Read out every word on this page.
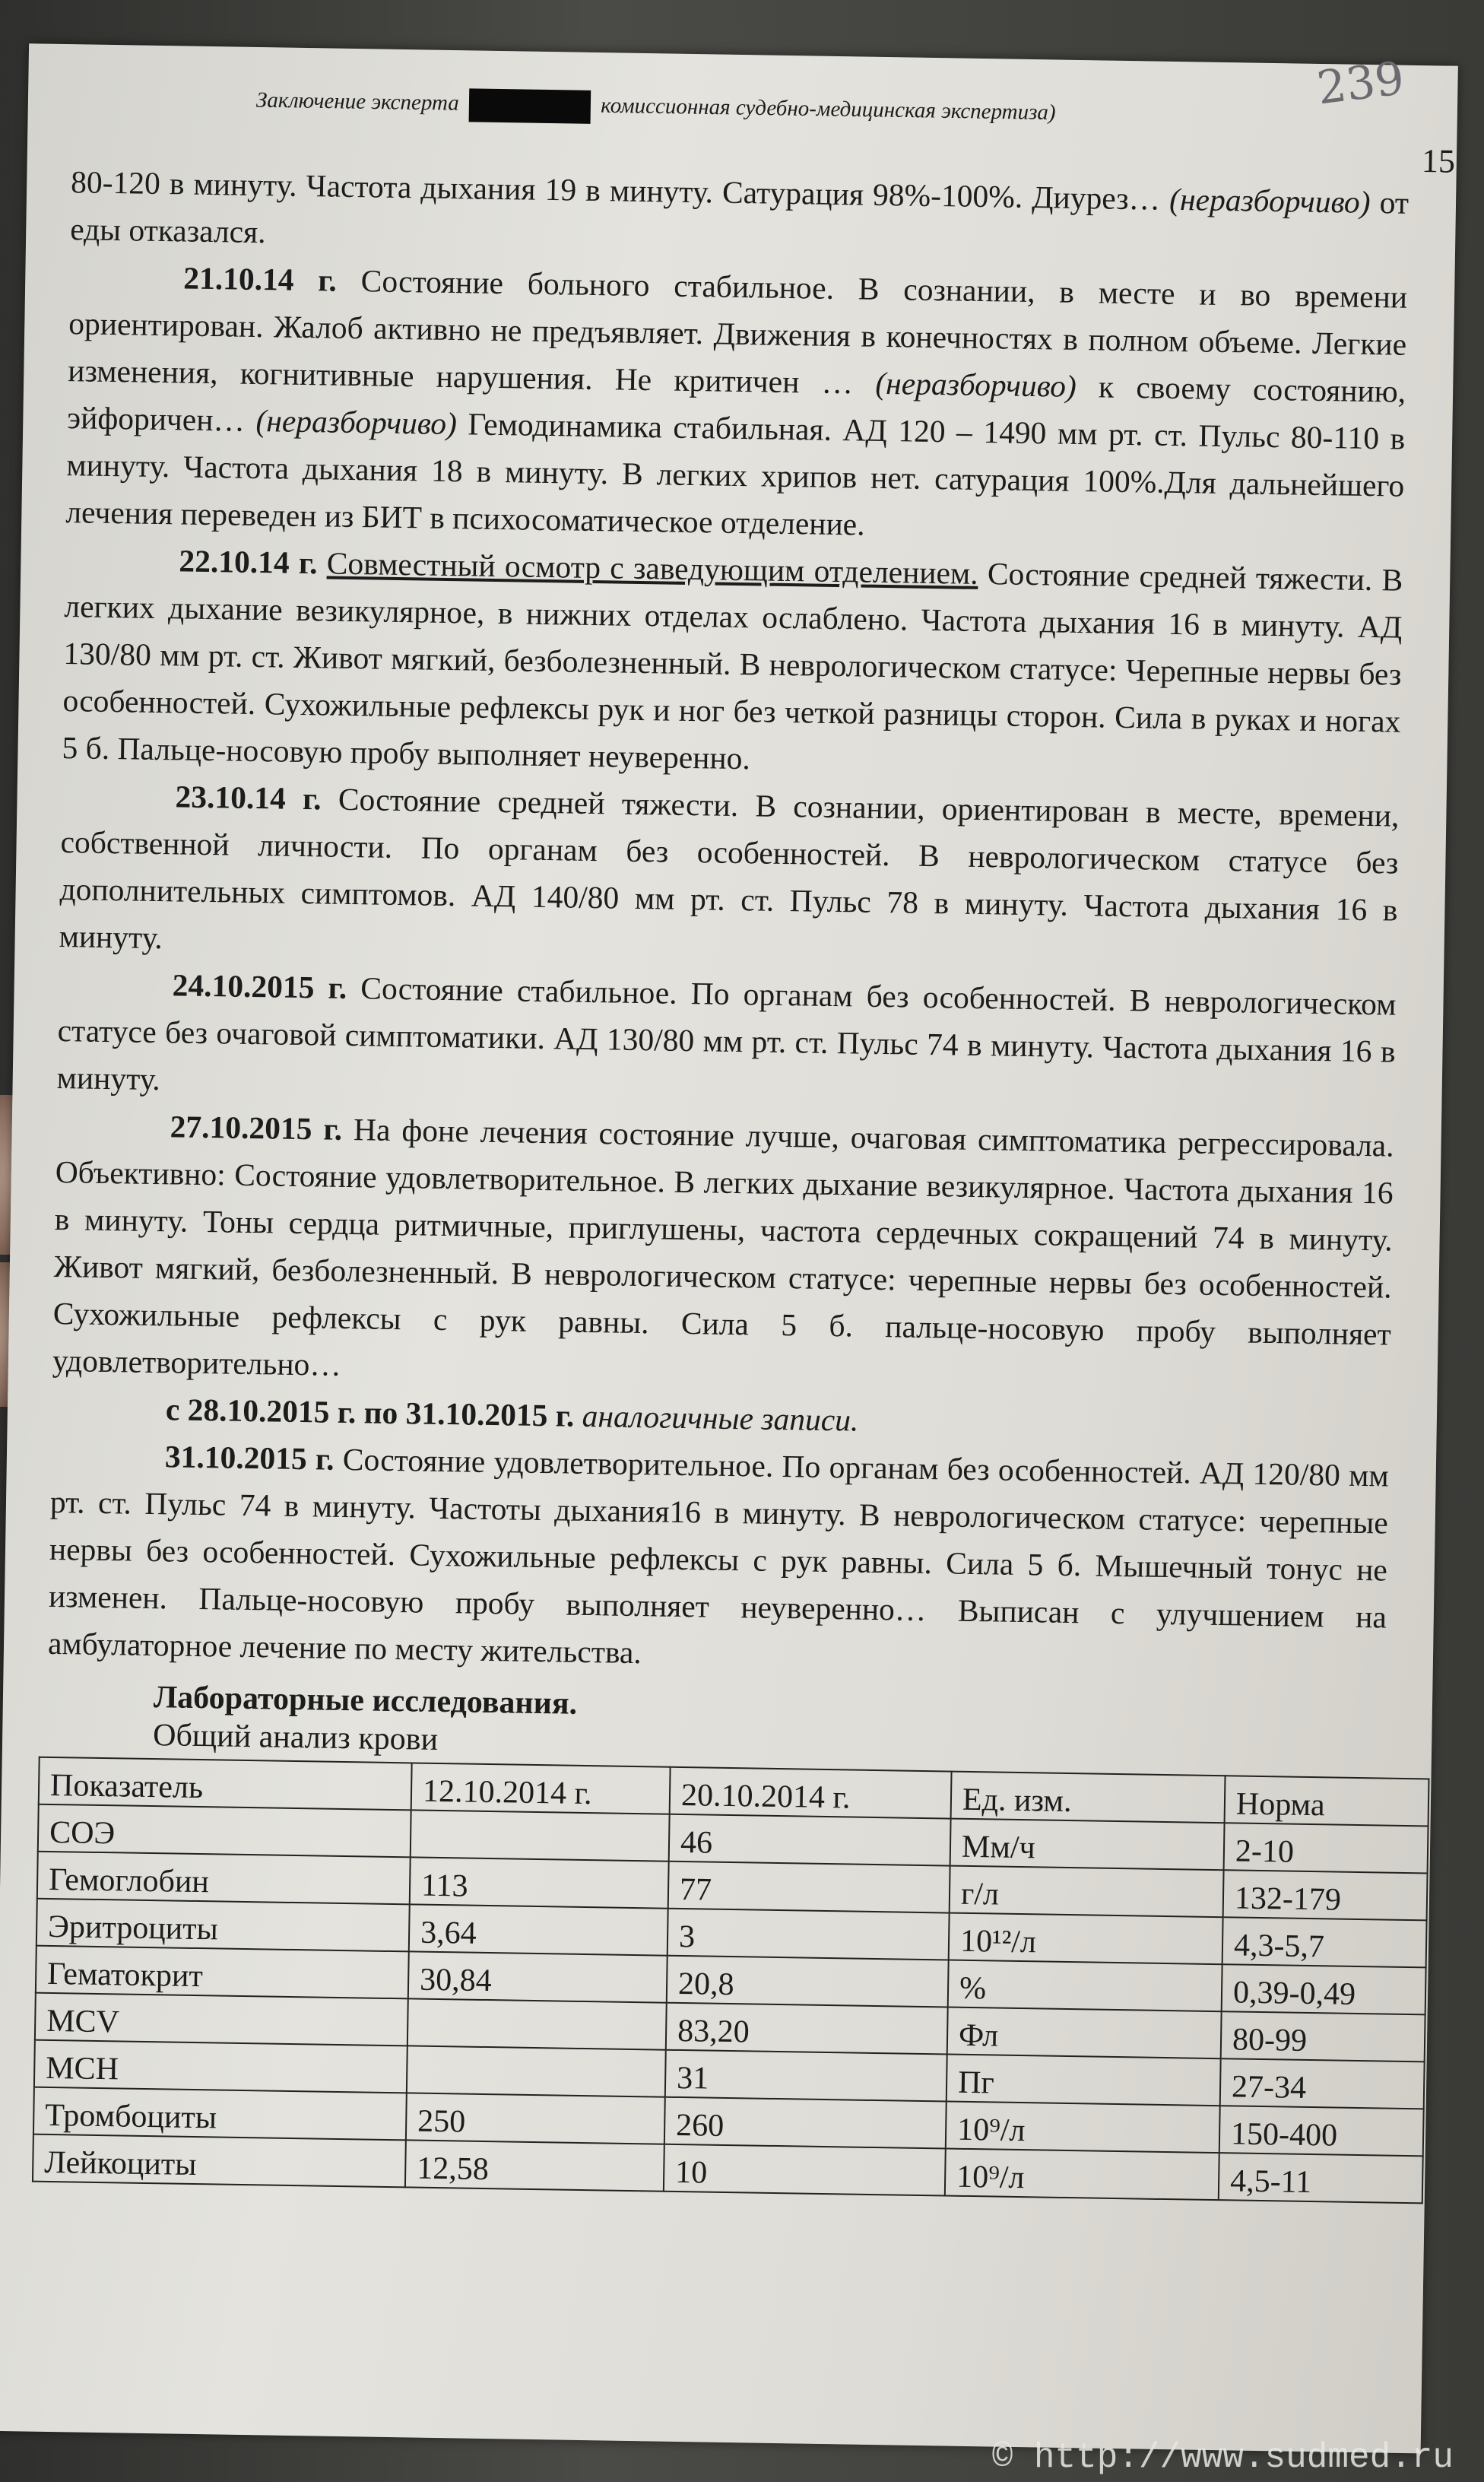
Заключение эксперта	комиссионная судебно-медицинская экспертиза)	239
15

80-120 в минуту. Частота дыхания 19 в минуту. Сатурация 98%-100%. Диурез… (неразборчиво) от еды отказался.

21.10.14 г. Состояние больного стабильное. В сознании, в месте и во времени ориентирован. Жалоб активно не предъявляет. Движения в конечностях в полном объеме. Легкие изменения, когнитивные нарушения. Не критичен … (неразборчиво) к своему состоянию, эйфоричен… (неразборчиво) Гемодинамика стабильная. АД 120 – 1490 мм рт. ст. Пульс 80-110 в минуту. Частота дыхания 18 в минуту. В легких хрипов нет. сатурация 100%.Для дальнейшего лечения переведен из БИТ в психосоматическое отделение.

22.10.14 г. Совместный осмотр с заведующим отделением. Состояние средней тяжести. В легких дыхание везикулярное, в нижних отделах ослаблено. Частота дыхания 16 в минуту. АД 130/80 мм рт. ст. Живот мягкий, безболезненный. В неврологическом статусе: Черепные нервы без особенностей. Сухожильные рефлексы рук и ног без четкой разницы сторон. Сила в руках и ногах 5 б. Пальце-носовую пробу выполняет неуверенно.

23.10.14 г. Состояние средней тяжести. В сознании, ориентирован в месте, времени, собственной личности. По органам без особенностей. В неврологическом статусе без дополнительных симптомов. АД 140/80 мм рт. ст. Пульс 78 в минуту. Частота дыхания 16 в минуту.

24.10.2015 г. Состояние стабильное. По органам без особенностей. В неврологическом статусе без очаговой симптоматики. АД 130/80 мм рт. ст. Пульс 74 в минуту. Частота дыхания 16 в минуту.

27.10.2015 г. На фоне лечения состояние лучше, очаговая симптоматика регрессировала. Объективно: Состояние удовлетворительное. В легких дыхание везикулярное. Частота дыхания 16 в минуту. Тоны сердца ритмичные, приглушены, частота сердечных сокращений 74 в минуту. Живот мягкий, безболезненный. В неврологическом статусе: черепные нервы без особенностей. Сухожильные рефлексы с рук равны. Сила 5 б. пальце-носовую пробу выполняет удовлетворительно…

с 28.10.2015 г. по 31.10.2015 г. аналогичные записи.

31.10.2015 г. Состояние удовлетворительное. По органам без особенностей. АД 120/80 мм рт. ст. Пульс 74 в минуту. Частоты дыхания16 в минуту. В неврологическом статусе: черепные нервы без особенностей. Сухожильные рефлексы с рук равны. Сила 5 б. Мышечный тонус не изменен. Пальце-носовую пробу выполняет неуверенно… Выписан с улучшением на амбулаторное лечение по месту жительства.

Лабораторные исследования.
Общий анализ крови
Показатель	12.10.2014 г.	20.10.2014 г.	Ед. изм.	Норма
СОЭ		46	Мм/ч	2-10
Гемоглобин	113	77	г/л	132-179
Эритроциты	3,64	3	10¹²/л	4,3-5,7
Гематокрит	30,84	20,8	%	0,39-0,49
MCV		83,20	Фл	80-99
MCH		31	Пг	27-34
Тромбоциты	250	260	10⁹/л	150-400
Лейкоциты	12,58	10	10⁹/л	4,5-11
© http://www.sudmed.ru
